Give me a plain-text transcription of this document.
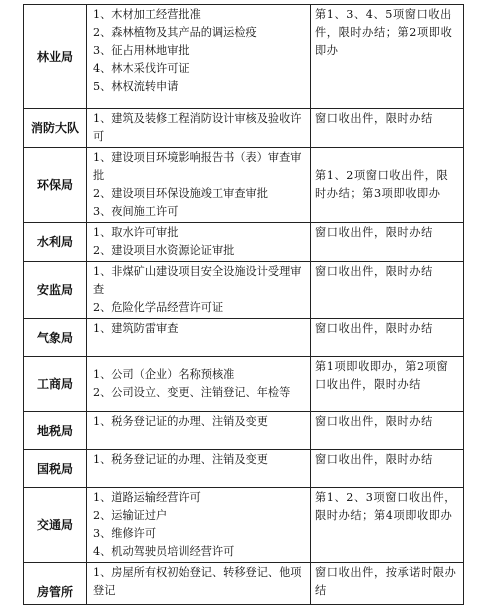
林业局	1、木材加工经营批准
2、森林植物及其产品的调运检疫
3、征占用林地审批
4、林木采伐许可证
5、林权流转申请	第1、3、4、5项窗口收出件，限时办结；第2项即收即办
消防大队	1、建筑及装修工程消防设计审核及验收许可	窗口收出件，限时办结
环保局	1、建设项目环境影响报告书（表）审查审批
2、建设项目环保设施竣工审查审批
3、夜间施工许可	第1、2项窗口收出件，限时办结；第3项即收即办
水利局	1、取水许可审批
2、建设项目水资源论证审批	窗口收出件，限时办结
安监局	1、非煤矿山建设项目安全设施设计受理审查
2、危险化学品经营许可证	窗口收出件，限时办结
气象局	1、建筑防雷审查	窗口收出件，限时办结
工商局	1、公司（企业）名称预核准
2、公司设立、变更、注销登记、年检等	第1项即收即办，第2项窗口收出件，限时办结
地税局	1、税务登记证的办理、注销及变更	窗口收出件，限时办结
国税局	1、税务登记证的办理、注销及变更	窗口收出件，限时办结
交通局	1、道路运输经营许可
2、运输证过户
3、维修许可
4、机动驾驶员培训经营许可	第1、2、3项窗口收出件，限时办结；第4项即收即办
房管所	1、房屋所有权初始登记、转移登记、他项登记	窗口收出件，按承诺时限办结
